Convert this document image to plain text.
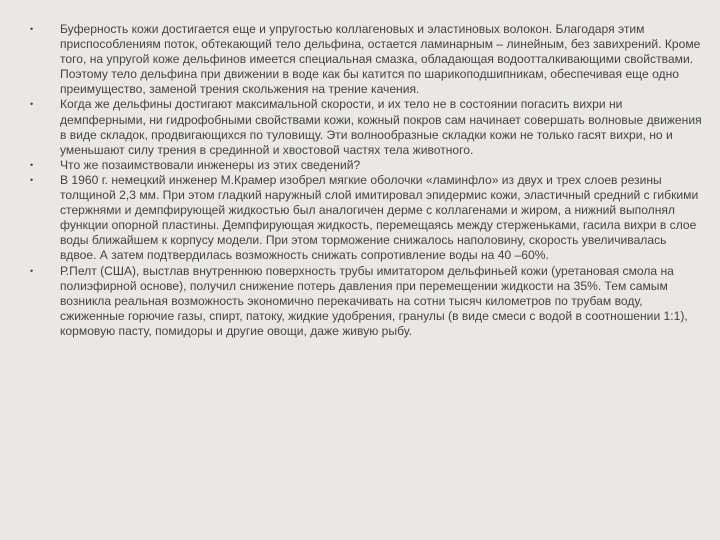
•	Буферность кожи достигается еще и упругостью коллагеновых и эластиновых волокон. Благодаря этим приспособлениям поток, обтекающий тело дельфина, остается ламинарным – линейным, без завихрений. Кроме того, на упругой коже дельфинов имеется специальная смазка, обладающая водоотталкивающими свойствами. Поэтому тело дельфина при движении в воде как бы катится по шарикоподшипникам, обеспечивая еще одно преимущество, заменой трения скольжения на трение качения.
•	Когда же дельфины достигают максимальной скорости, и их тело не в состоянии погасить вихри ни демпферными, ни гидрофобными свойствами кожи, кожный покров сам начинает совершать волновые движения в виде складок, продвигающихся по туловищу. Эти волнообразные складки кожи не только гасят вихри, но и уменьшают силу трения в срединной и хвостовой частях тела животного.
•	Что же позаимствовали инженеры из этих сведений?
•	В 1960 г. немецкий инженер М.Крамер изобрел мягкие оболочки «ламинфло» из двух и трех слоев резины толщиной 2,3 мм. При этом гладкий наружный слой имитировал эпидермис кожи, эластичный средний с гибкими стержнями и демпфирующей жидкостью был аналогичен дерме с коллагенами и жиром, а нижний выполнял функции опорной пластины. Демпфирующая жидкость, перемещаясь между стерженьками, гасила вихри в слое воды ближайшем к корпусу модели. При этом торможение снижалось наполовину, скорость увеличивалась вдвое. А затем подтвердилась возможность снижать сопротивление воды на 40 –60%.
•	Р.Пелт (США), выстлав внутреннюю поверхность трубы имитатором дельфиньей кожи (уретановая смола на полиэфирной основе), получил снижение потерь давления при перемещении жидкости на 35%. Тем самым возникла реальная возможность экономично перекачивать на сотни тысяч километров по трубам воду, сжиженные горючие газы, спирт, патоку, жидкие удобрения, гранулы (в виде смеси с водой в соотношении 1:1), кормовую пасту, помидоры и другие овощи, даже живую рыбу.
